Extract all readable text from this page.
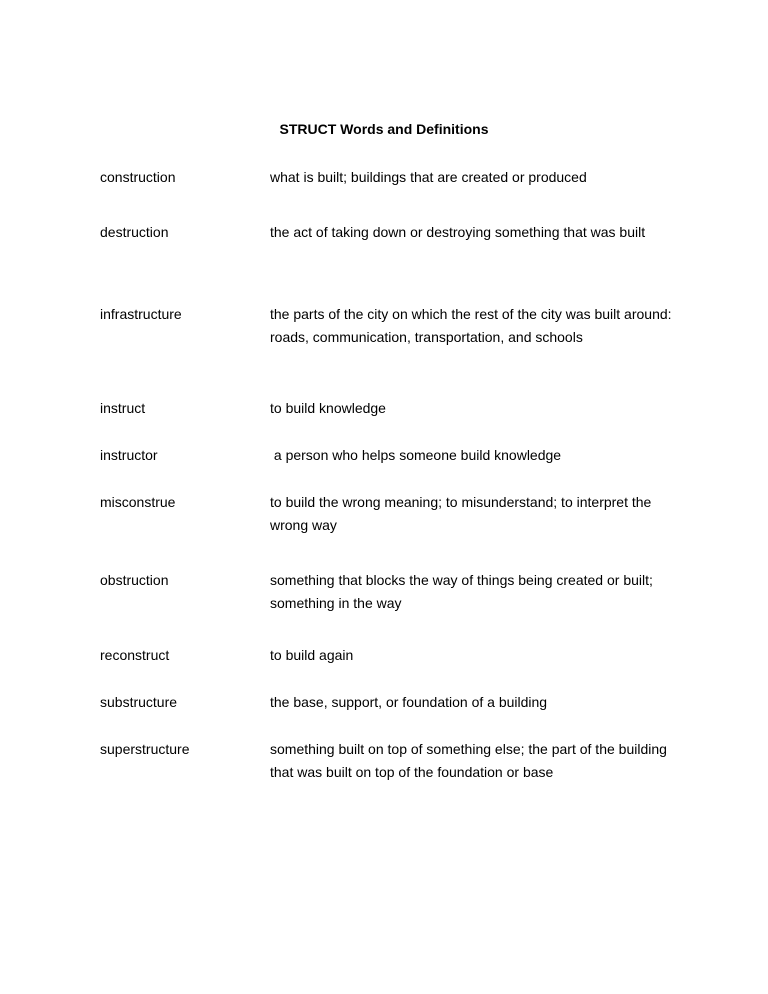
STRUCT Words and Definitions
construction	what is built; buildings that are created or produced
destruction	the act of taking down or destroying something that was built
infrastructure	the parts of the city on which the rest of the city was built around: roads, communication, transportation, and schools
instruct	to build knowledge
instructor	a person who helps someone build knowledge
misconstrue	to build the wrong meaning; to misunderstand; to interpret the wrong way
obstruction	something that blocks the way of things being created or built; something in the way
reconstruct	to build again
substructure	the base, support, or foundation of a building
superstructure	something built on top of something else; the part of the building that was built on top of the foundation or base
